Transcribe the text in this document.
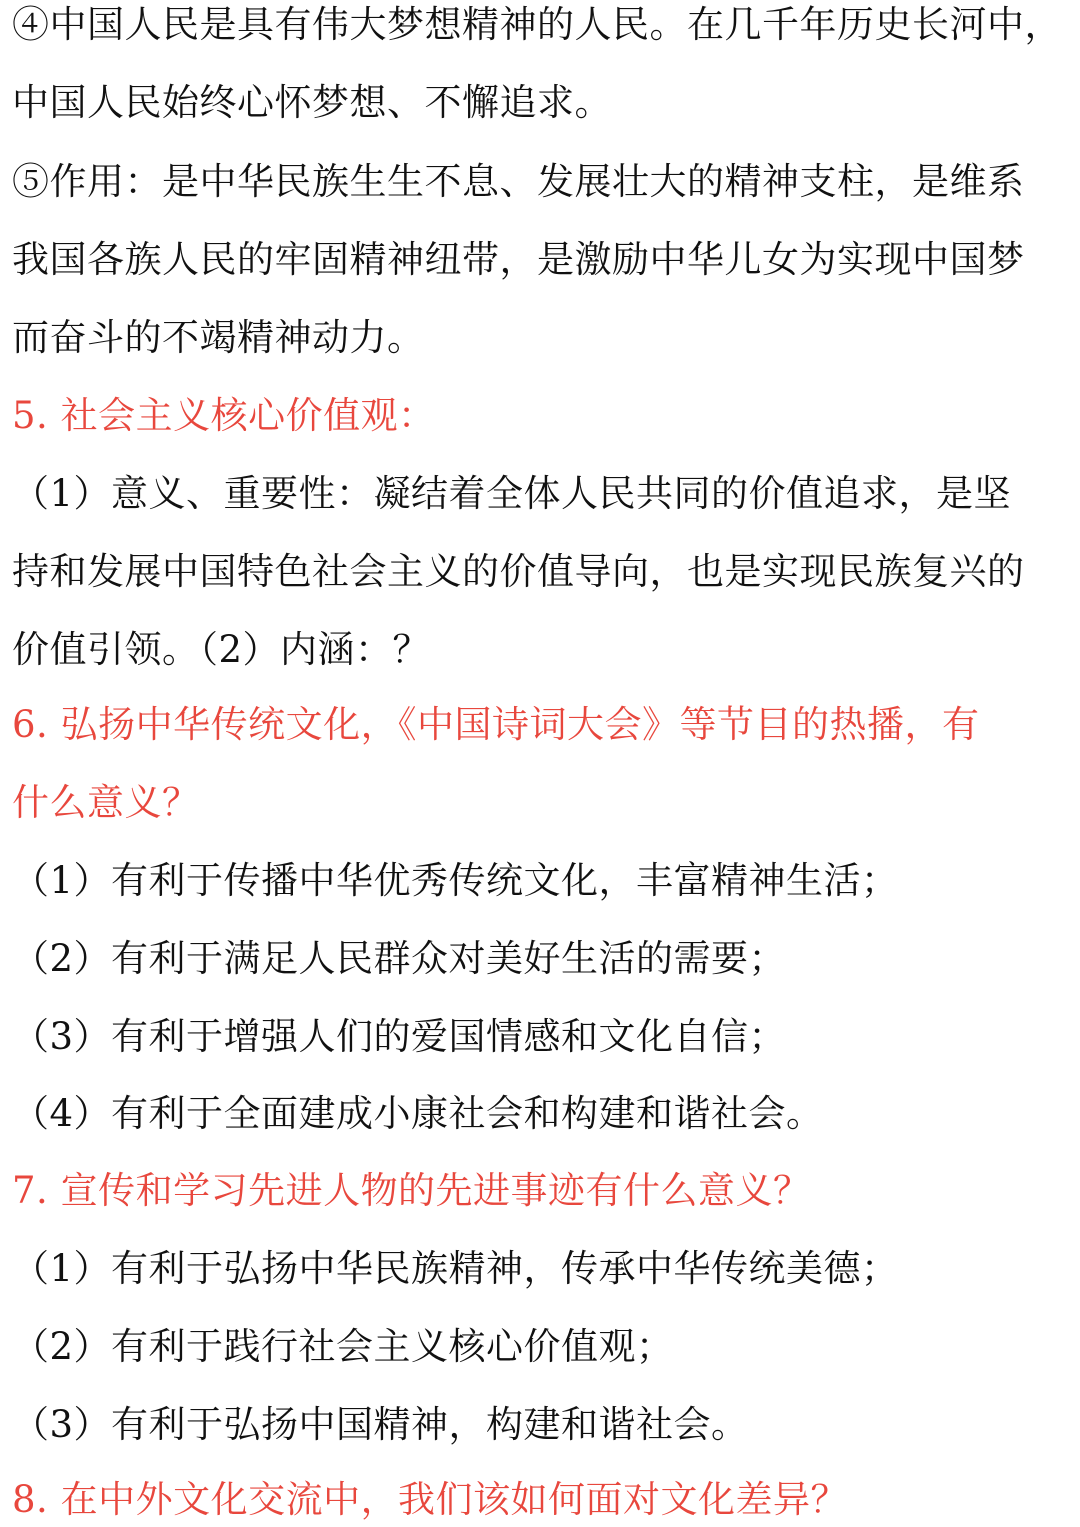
④中国人民是具有伟大梦想精神的人民。在几千年历史长河中，
中国人民始终心怀梦想、不懈追求。
⑤作用：是中华民族生生不息、发展壮大的精神支柱，是维系
我国各族人民的牢固精神纽带，是激励中华儿女为实现中国梦
而奋斗的不竭精神动力。
5. 社会主义核心价值观：
（1）意义、重要性：凝结着全体人民共同的价值追求，是坚
持和发展中国特色社会主义的价值导向，也是实现民族复兴的
价值引领。（2）内涵：？
6. 弘扬中华传统文化，《中国诗词大会》等节目的热播，有
什么意义？
（1）有利于传播中华优秀传统文化，丰富精神生活；
（2）有利于满足人民群众对美好生活的需要；
（3）有利于增强人们的爱国情感和文化自信；
（4）有利于全面建成小康社会和构建和谐社会。
7. 宣传和学习先进人物的先进事迹有什么意义？
（1）有利于弘扬中华民族精神，传承中华传统美德；
（2）有利于践行社会主义核心价值观；
（3）有利于弘扬中国精神，构建和谐社会。
8. 在中外文化交流中，我们该如何面对文化差异？
